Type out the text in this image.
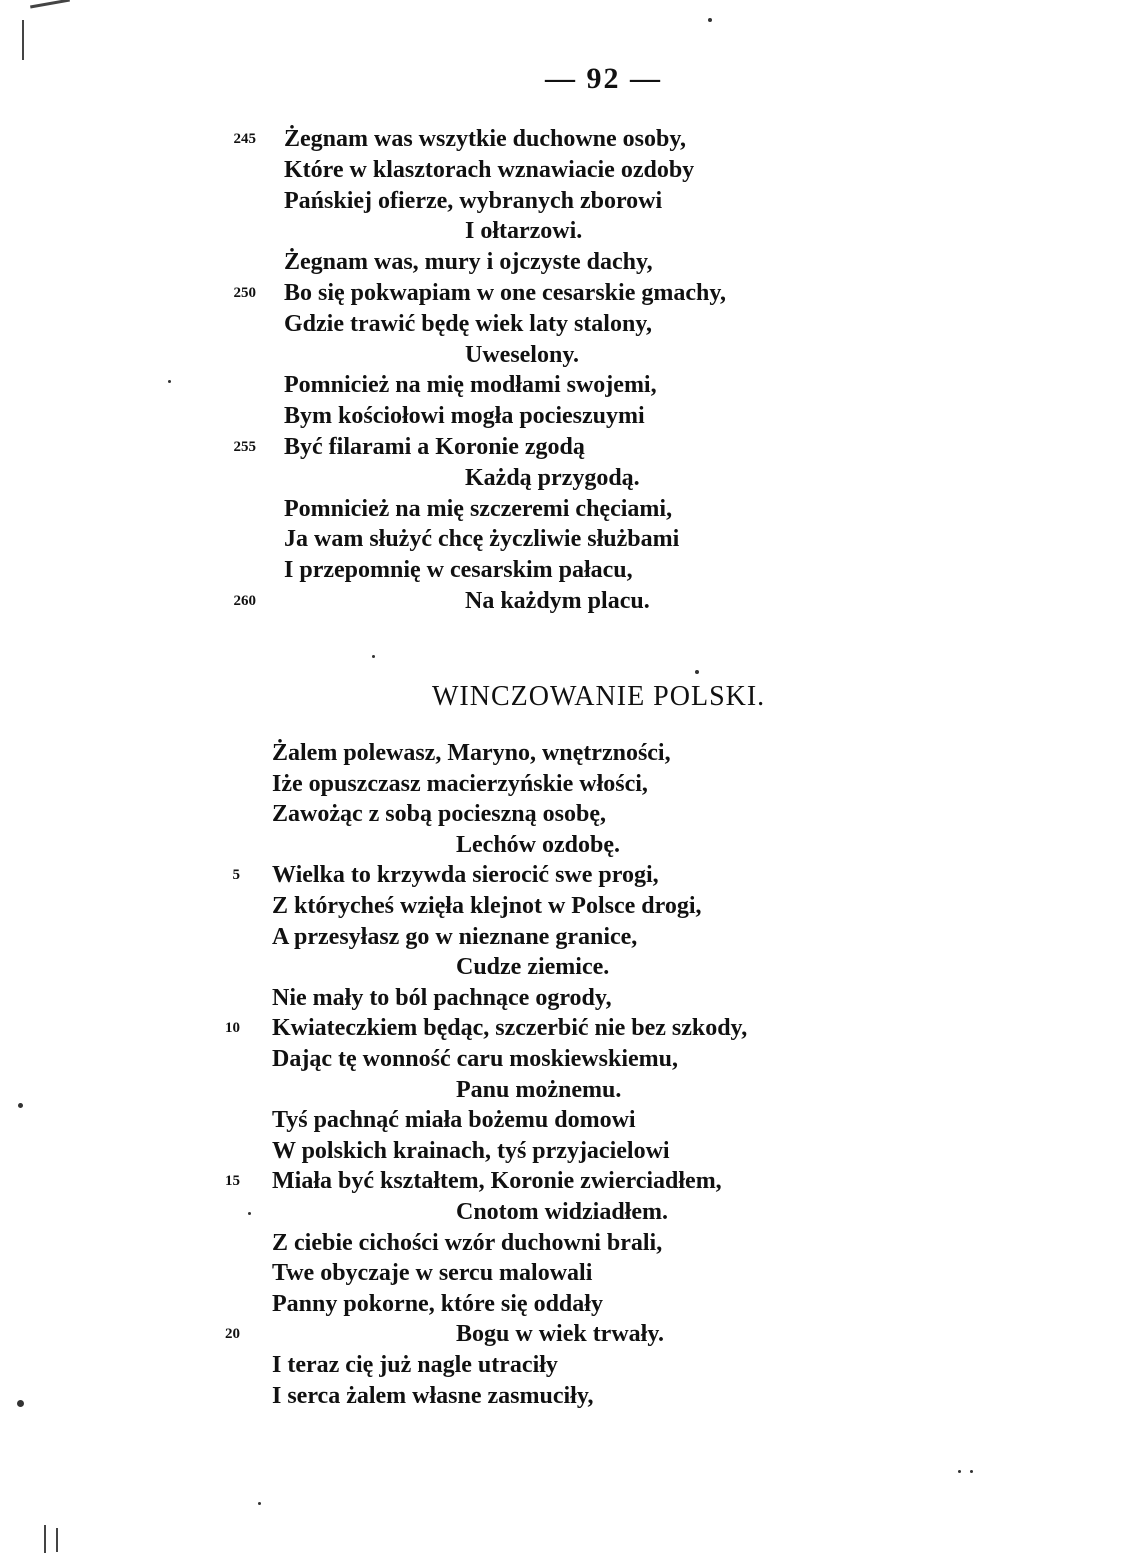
— 92 —
245 Żegnam was wszytkie duchowne osoby,
Które w klasztorach wznawiacie ozdoby
Pańskiej ofierze, wybranych zborowi
I ołtarzowi.
Żegnam was, mury i ojczyste dachy,
250 Bo się pokwapiam w one cesarskie gmachy,
Gdzie trawić będę wiek laty stalony,
Uweselony.
Pomnicież na mię modłami swojemi,
Bym kościołowi mogła pocieszuymi
255 Być filarami a Koronie zgodą
Każdą przygodą.
Pomnicież na mię szczeremi chęciami,
Ja wam służyć chcę życzliwie służbami
I przepomnię w cesarskim pałacu,
260	Na każdym placu.
WINCZOWANIE POLSKI.
Żalem polewasz, Maryno, wnętrzności,
Iże opuszczasz macierzyńskie włości,
Zawożąc z sobą pocieszną osobę,
Lechów ozdobę.
5 Wielka to krzywda sierocić swe progi,
Z którycheś wzięła klejnot w Polsce drogi,
A przesyłasz go w nieznane granice,
Cudze ziemice.
Nie mały to ból pachnące ogrody,
10 Kwiateczkiem będąc, szczerbić nie bez szkody,
Dając tę wonność caru moskiewskiemu,
Panu możnemu.
Tyś pachnąć miała bożemu domowi
W polskich krainach, tyś przyjacielowi
15 Miała być kształtem, Koronie zwierciadłem,
Cnotom widziadłem.
Z ciebie cichości wzór duchowni brali,
Twe obyczaje w sercu malowali
Panny pokorne, które się oddały
20	Bogu w wiek trwały.
I teraz cię już nagle utraciły
I serca żalem własne zasmuciły,
